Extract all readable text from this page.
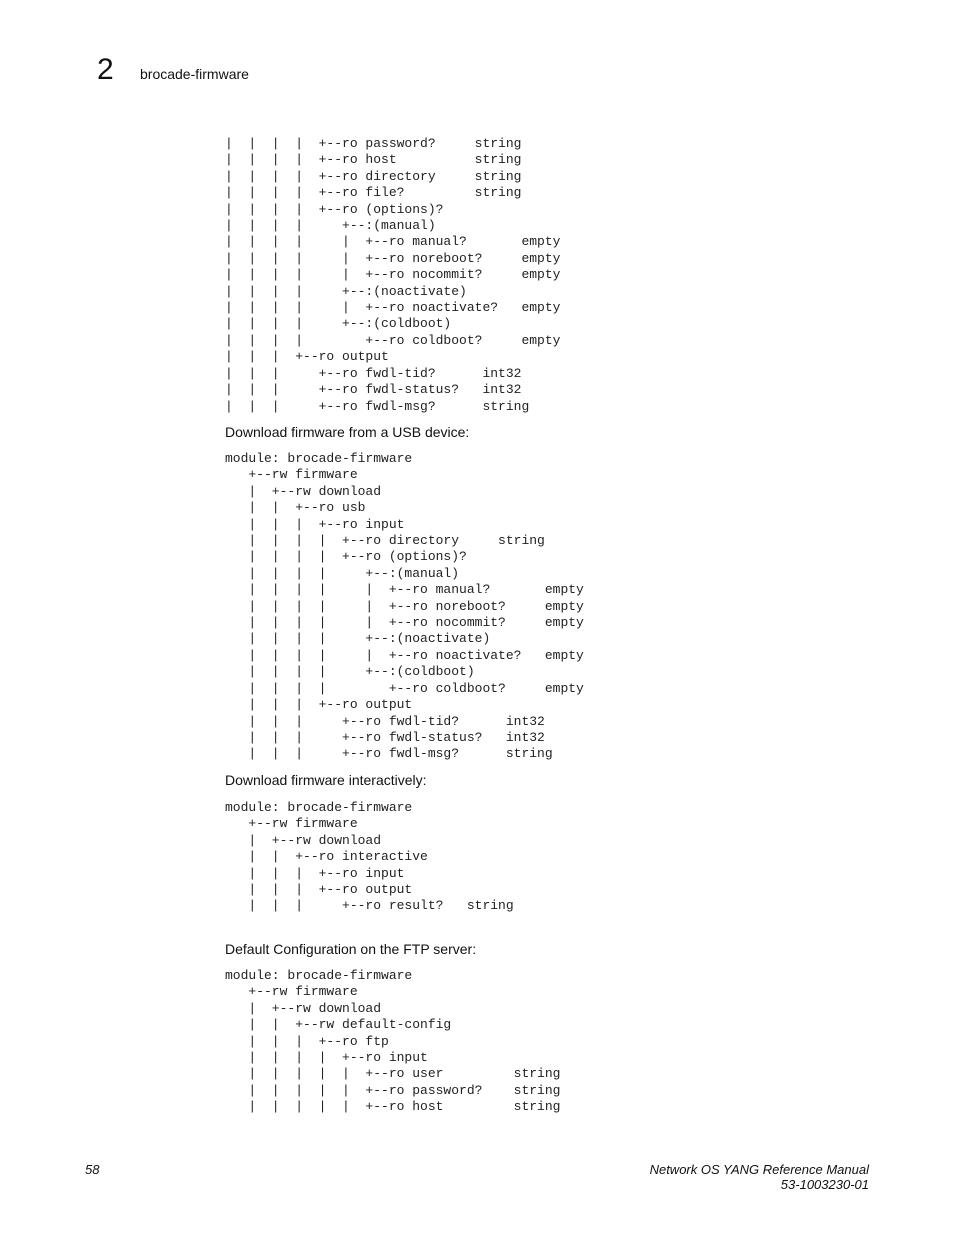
2 brocade-firmware
|  |  |  |  +--ro password?     string
|  |  |  |  +--ro host          string
|  |  |  |  +--ro directory     string
|  |  |  |  +--ro file?         string
|  |  |  |  +--ro (options)?
|  |  |  |     +--:(manual)
|  |  |  |     |  +--ro manual?       empty
|  |  |  |     |  +--ro noreboot?     empty
|  |  |  |     |  +--ro nocommit?     empty
|  |  |  |     +--:(noactivate)
|  |  |  |     |  +--ro noactivate?   empty
|  |  |  |     +--:(coldboot)
|  |  |  |        +--ro coldboot?     empty
|  |  |  +--ro output
|  |  |     +--ro fwdl-tid?      int32
|  |  |     +--ro fwdl-status?   int32
|  |  |     +--ro fwdl-msg?      string
Download firmware from a USB device:
module: brocade-firmware
+--rw firmware
|  +--rw download
|  |  +--ro usb
|  |  |  +--ro input
|  |  |  |  +--ro directory     string
|  |  |  |  +--ro (options)?
|  |  |  |     +--:(manual)
|  |  |  |     |  +--ro manual?       empty
|  |  |  |     |  +--ro noreboot?     empty
|  |  |  |     |  +--ro nocommit?     empty
|  |  |  |     +--:(noactivate)
|  |  |  |     |  +--ro noactivate?   empty
|  |  |  |     +--:(coldboot)
|  |  |  |        +--ro coldboot?     empty
|  |  |  +--ro output
|  |  |     +--ro fwdl-tid?      int32
|  |  |     +--ro fwdl-status?   int32
|  |  |     +--ro fwdl-msg?      string
Download firmware interactively:
module: brocade-firmware
+--rw firmware
|  +--rw download
|  |  +--ro interactive
|  |  |  +--ro input
|  |  |  +--ro output
|  |  |     +--ro result?   string
Default Configuration on the FTP server:
module: brocade-firmware
+--rw firmware
|  +--rw download
|  |  +--rw default-config
|  |  |  +--ro ftp
|  |  |  |  +--ro input
|  |  |  |  |  +--ro user         string
|  |  |  |  |  +--ro password?    string
|  |  |  |  |  +--ro host         string
58	Network OS YANG Reference Manual
53-1003230-01
